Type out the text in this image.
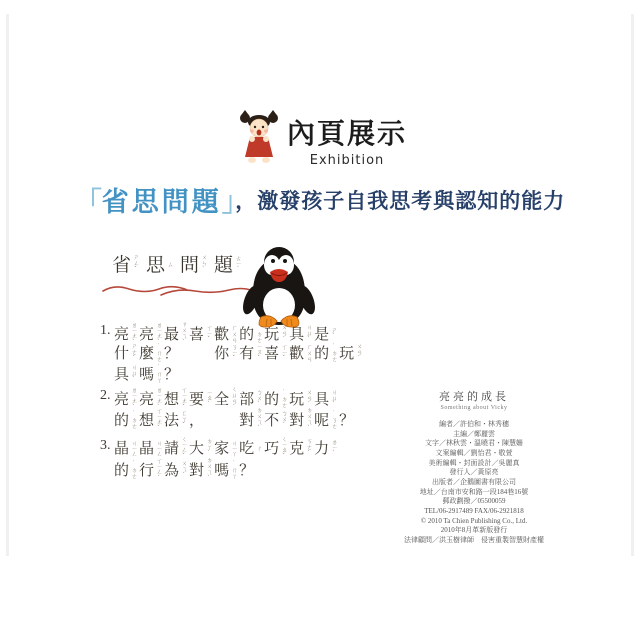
內頁展示
Exhibition
「省思問題」，激發孩子自我思考與認知的能力
省 ㄕㄥˇ 思 ㄙ 問 ㄨㄣˋ 題 ㄊㄧˊ
1. 亮 ㄌㄧㄤˋ 亮 ㄌㄧㄤˋ 最 ㄗㄨㄟˋ 喜 ㄒㄧˇ 歡 ㄏㄨㄢ 的 ˙ㄉㄜ 玩 ㄨㄢˊ 具 ㄐㄩˋ 是 ㄕˋ
什 ㄕㄜˊ 麼 ˙ㄇㄜ ？
　 你 ㄋㄧˇ 有 ㄧㄡˇ 喜 ㄒㄧˇ 歡 ㄏㄨㄢ 的 ˙ㄉㄜ 玩 ㄨㄢˊ
具 ㄐㄩˋ 嗎 ˙ㄇㄚ ？
2. 亮 ㄌㄧㄤˋ 亮 ㄌㄧㄤˋ 想 ㄒㄧㄤˇ 要 ㄧㄠˋ 全 ㄑㄩㄢˊ 部 ㄅㄨˋ 的 ˙ㄉㄜ 玩 ㄨㄢˊ 具 ㄐㄩˋ
的 ˙ㄉㄜ 想 ㄒㄧㄤˇ 法 ㄈㄚˇ ，
　 對 ㄉㄨㄟˋ 不 ㄅㄨˊ 對 ㄉㄨㄟˋ 呢 ˙ㄋㄜ ？
3. 晶 ㄐㄧㄥ 晶 ㄐㄧㄥ 請 ㄑㄧㄥˇ 大 ㄉㄚˋ 家 ㄐㄧㄚ 吃 ㄔ 巧 ㄑㄧㄠˇ 克 ㄎㄜˋ 力 ㄌㄧˋ
的 ˙ㄉㄜ 行 ㄒㄧㄥˊ 為 ㄨㄟˊ 對 ㄉㄨㄟˋ 嗎 ˙ㄇㄚ ？
亮亮的成長
Something about Vicky
編者／許伯和・林秀穗
主編／鄭麗雲
文字／林秋雲・溫曉君・陳慧姍
文案編輯／劉怡君・敬萱
美術編輯・封面設計／吳麗真
發行人／黃原亮
出版者／企鵝圖書有限公司
地址／台南市安和路一段184巷16號
郵政劃撥／05500059
TEL/06-2917489 FAX/06-2921818
© 2010 Ta Chien Publishing Co., Ltd.
2010年8月革新版發行
法律顧問／洪玉樹律師　侵害重製智慧財產權
